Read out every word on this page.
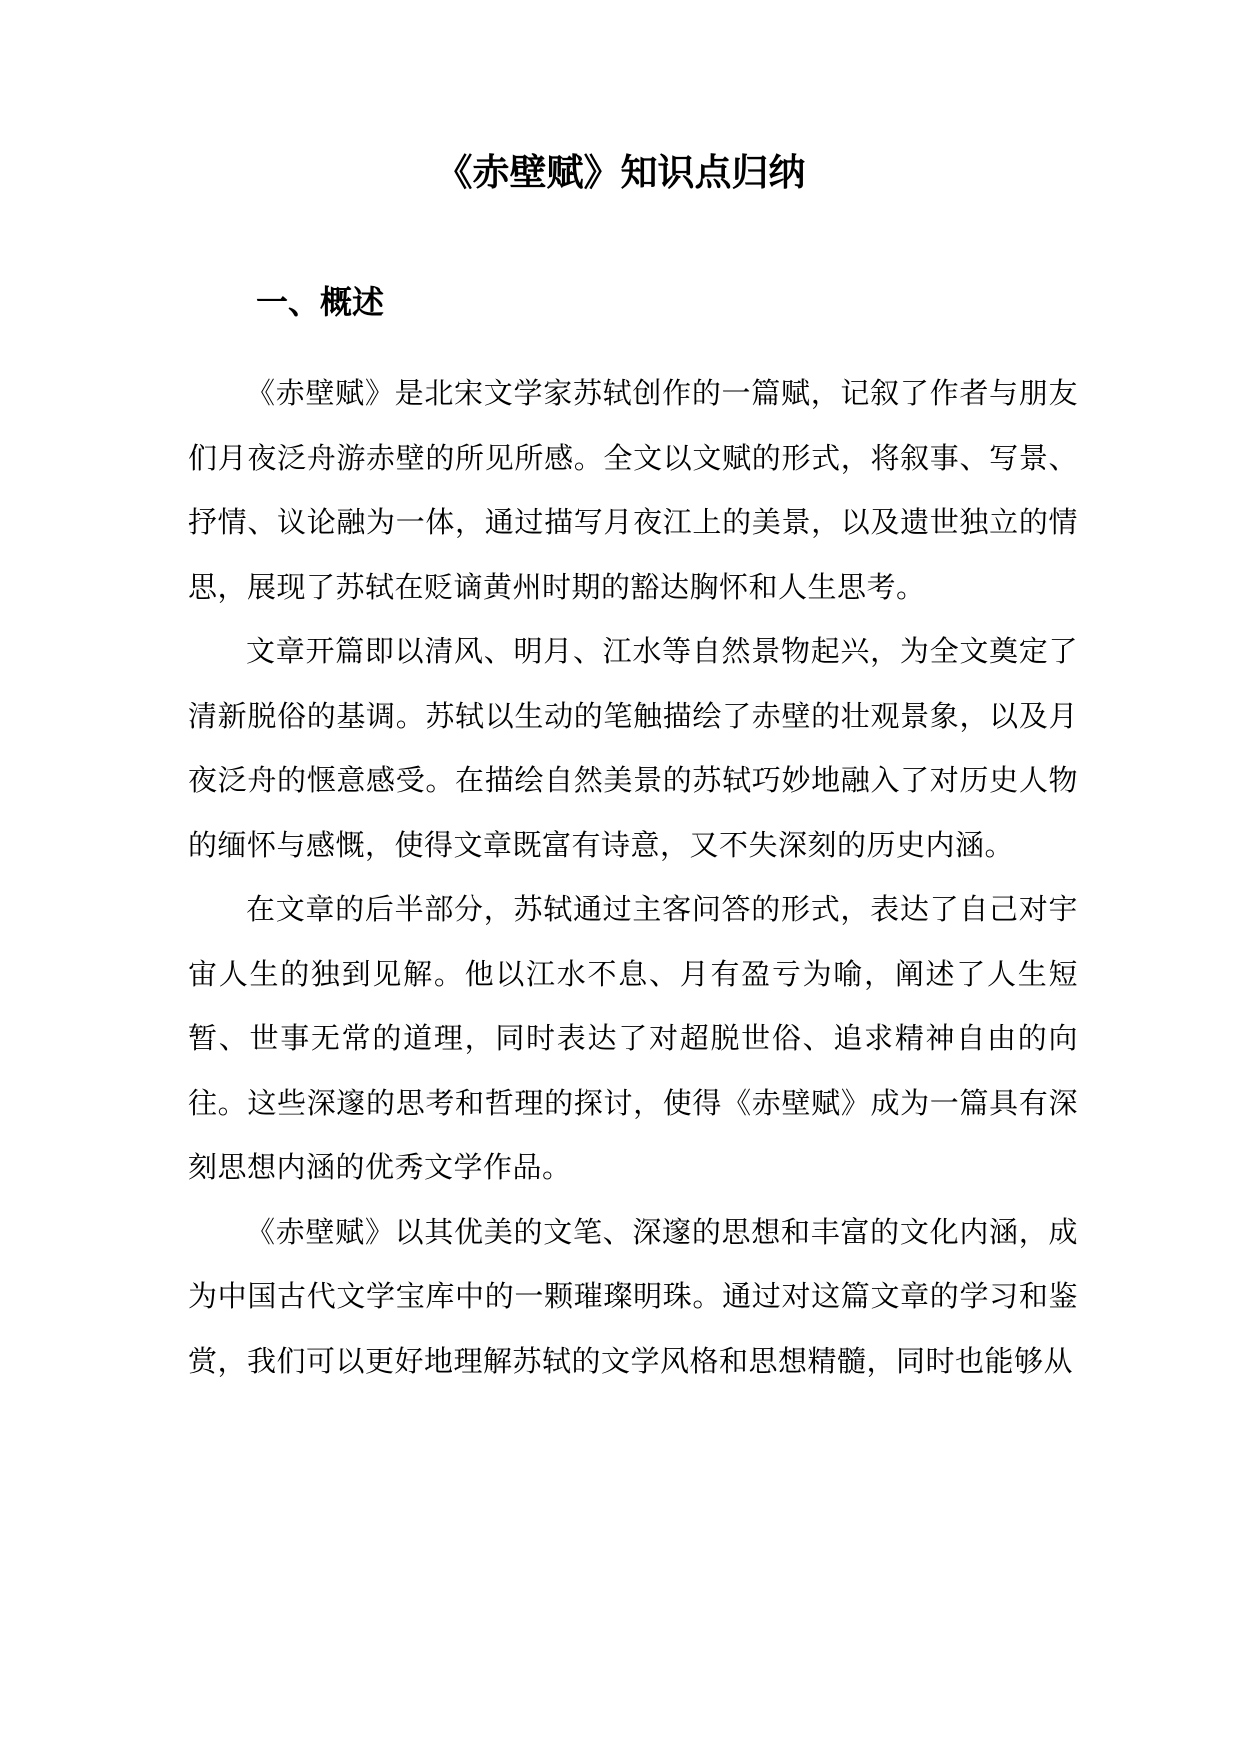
《赤壁赋》知识点归纳
一、概述

《赤壁赋》是北宋文学家苏轼创作的一篇赋，记叙了作者与朋友们月夜泛舟游赤壁的所见所感。全文以文赋的形式，将叙事、写景、抒情、议论融为一体，通过描写月夜江上的美景，以及遗世独立的情思，展现了苏轼在贬谪黄州时期的豁达胸怀和人生思考。

文章开篇即以清风、明月、江水等自然景物起兴，为全文奠定了清新脱俗的基调。苏轼以生动的笔触描绘了赤壁的壮观景象，以及月夜泛舟的惬意感受。在描绘自然美景的苏轼巧妙地融入了对历史人物的缅怀与感慨，使得文章既富有诗意，又不失深刻的历史内涵。

在文章的后半部分，苏轼通过主客问答的形式，表达了自己对宇宙人生的独到见解。他以江水不息、月有盈亏为喻，阐述了人生短暂、世事无常的道理，同时表达了对超脱世俗、追求精神自由的向往。这些深邃的思考和哲理的探讨，使得《赤壁赋》成为一篇具有深刻思想内涵的优秀文学作品。

《赤壁赋》以其优美的文笔、深邃的思想和丰富的文化内涵，成为中国古代文学宝库中的一颗璀璨明珠。通过对这篇文章的学习和鉴赏，我们可以更好地理解苏轼的文学风格和思想精髓，同时也能够从
